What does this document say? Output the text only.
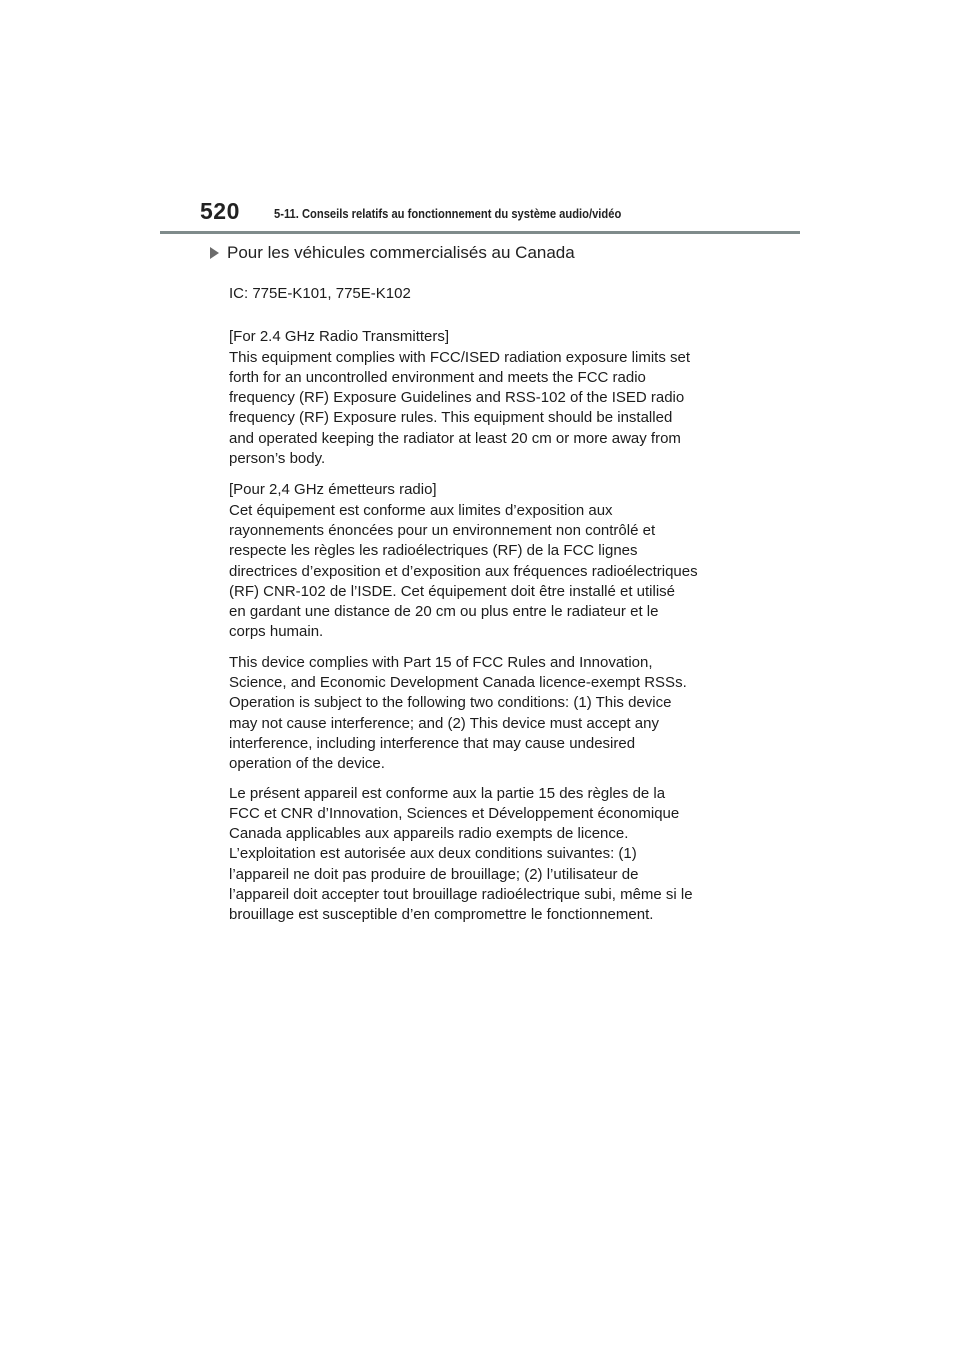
520	5-11. Conseils relatifs au fonctionnement du système audio/vidéo
Pour les véhicules commercialisés au Canada

IC: 775E-K101, 775E-K102

[For 2.4 GHz Radio Transmitters]

This equipment complies with FCC/ISED radiation exposure limits set
forth for an uncontrolled environment and meets the FCC radio
frequency (RF) Exposure Guidelines and RSS-102 of the ISED radio
frequency (RF) Exposure rules. This equipment should be installed
and operated keeping the radiator at least 20 cm or more away from
person’s body.

[Pour 2,4 GHz émetteurs radio]

Cet équipement est conforme aux limites d’exposition aux
rayonnements énoncées pour un environnement non contrôlé et
respecte les règles les radioélectriques (RF) de la FCC lignes
directrices d’exposition et d’exposition aux fréquences radioélectriques
(RF) CNR-102 de l’ISDE. Cet équipement doit être installé et utilisé
en gardant une distance de 20 cm ou plus entre le radiateur et le
corps humain.

This device complies with Part 15 of FCC Rules and Innovation,
Science, and Economic Development Canada licence-exempt RSSs.
Operation is subject to the following two conditions: (1) This device
may not cause interference; and (2) This device must accept any
interference, including interference that may cause undesired
operation of the device.

Le présent appareil est conforme aux la partie 15 des règles de la
FCC et CNR d’Innovation, Sciences et Développement économique
Canada applicables aux appareils radio exempts de licence.
L’exploitation est autorisée aux deux conditions suivantes: (1)
l’appareil ne doit pas produire de brouillage; (2) l’utilisateur de
l’appareil doit accepter tout brouillage radioélectrique subi, même si le
brouillage est susceptible d’en compromettre le fonctionnement.
